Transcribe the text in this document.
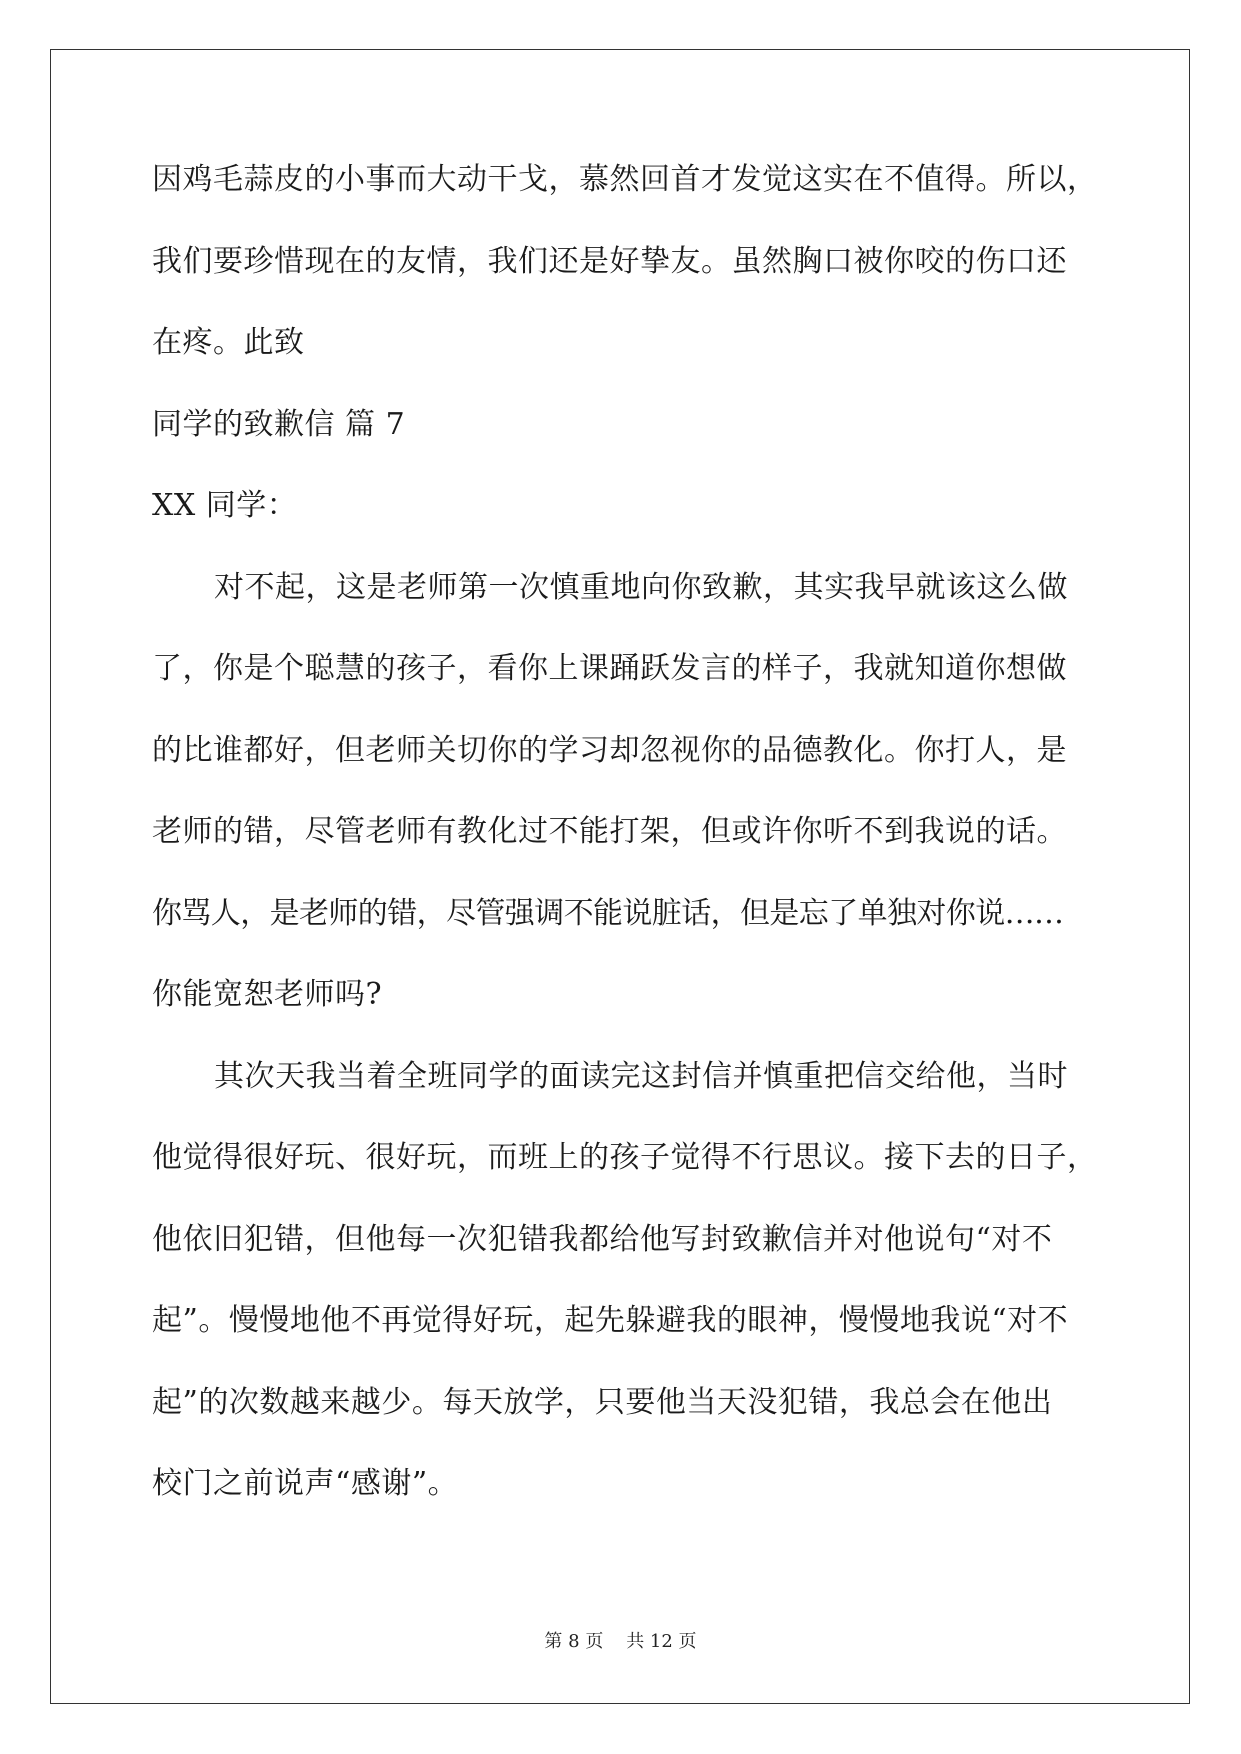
因鸡毛蒜皮的小事而大动干戈，慕然回首才发觉这实在不值得。所以，
我们要珍惜现在的友情，我们还是好挚友。虽然胸口被你咬的伤口还
在疼。此致
同学的致歉信 篇 7
XX 同学：
对不起，这是老师第一次慎重地向你致歉，其实我早就该这么做
了，你是个聪慧的孩子，看你上课踊跃发言的样子，我就知道你想做
的比谁都好，但老师关切你的学习却忽视你的品德教化。你打人，是
老师的错，尽管老师有教化过不能打架，但或许你听不到我说的话。
你骂人，是老师的错，尽管强调不能说脏话，但是忘了单独对你说……
你能宽恕老师吗?
其次天我当着全班同学的面读完这封信并慎重把信交给他，当时
他觉得很好玩、很好玩，而班上的孩子觉得不行思议。接下去的日子，
他依旧犯错，但他每一次犯错我都给他写封致歉信并对他说句“对不
起”。慢慢地他不再觉得好玩，起先躲避我的眼神，慢慢地我说“对不
起”的次数越来越少。每天放学，只要他当天没犯错，我总会在他出
校门之前说声“感谢”。
第 8 页    共 12 页
